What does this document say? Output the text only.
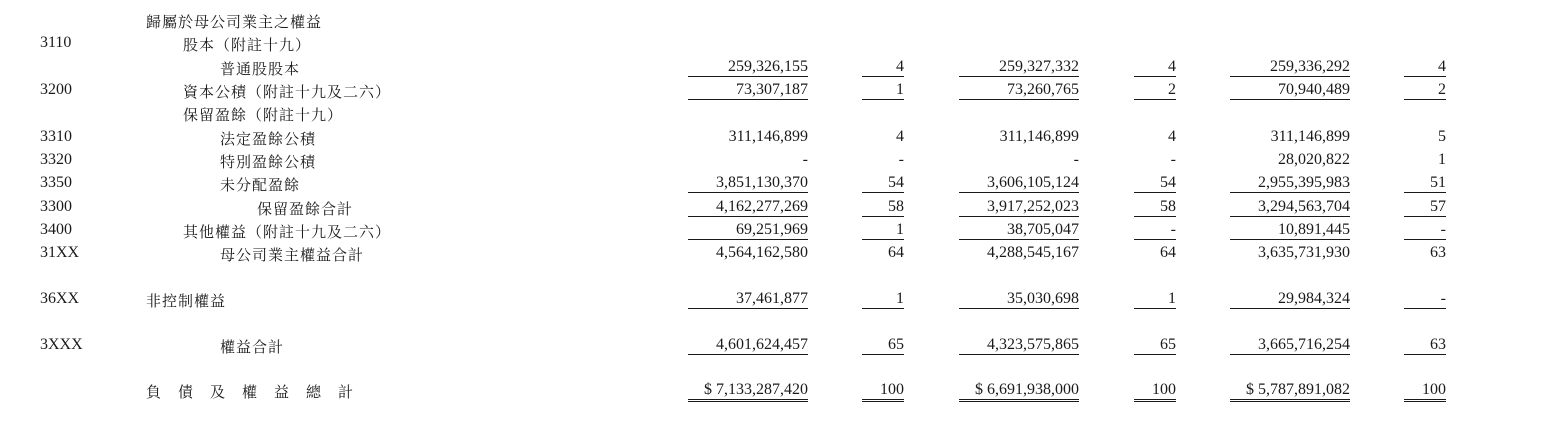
歸屬於母公司業主之權益
3110	股本（附註十九）
普通股股本	259,326,155	4	259,327,332	4	259,336,292	4
3200	資本公積（附註十九及二六）	73,307,187	1	73,260,765	2	70,940,489	2
保留盈餘（附註十九）
3310	法定盈餘公積	311,146,899	4	311,146,899	4	311,146,899	5
3320	特別盈餘公積	-	-	-	-	28,020,822	1
3350	未分配盈餘	3,851,130,370	54	3,606,105,124	54	2,955,395,983	51
3300	保留盈餘合計	4,162,277,269	58	3,917,252,023	58	3,294,563,704	57
3400	其他權益（附註十九及二六）	69,251,969	1	38,705,047	-	10,891,445	-
31XX	母公司業主權益合計	4,564,162,580	64	4,288,545,167	64	3,635,731,930	63
36XX	非控制權益	37,461,877	1	35,030,698	1	29,984,324	-
3XXX	權益合計	4,601,624,457	65	4,323,575,865	65	3,665,716,254	63
負債及權益總計	$ 7,133,287,420	100	$ 6,691,938,000	100	$ 5,787,891,082	100
